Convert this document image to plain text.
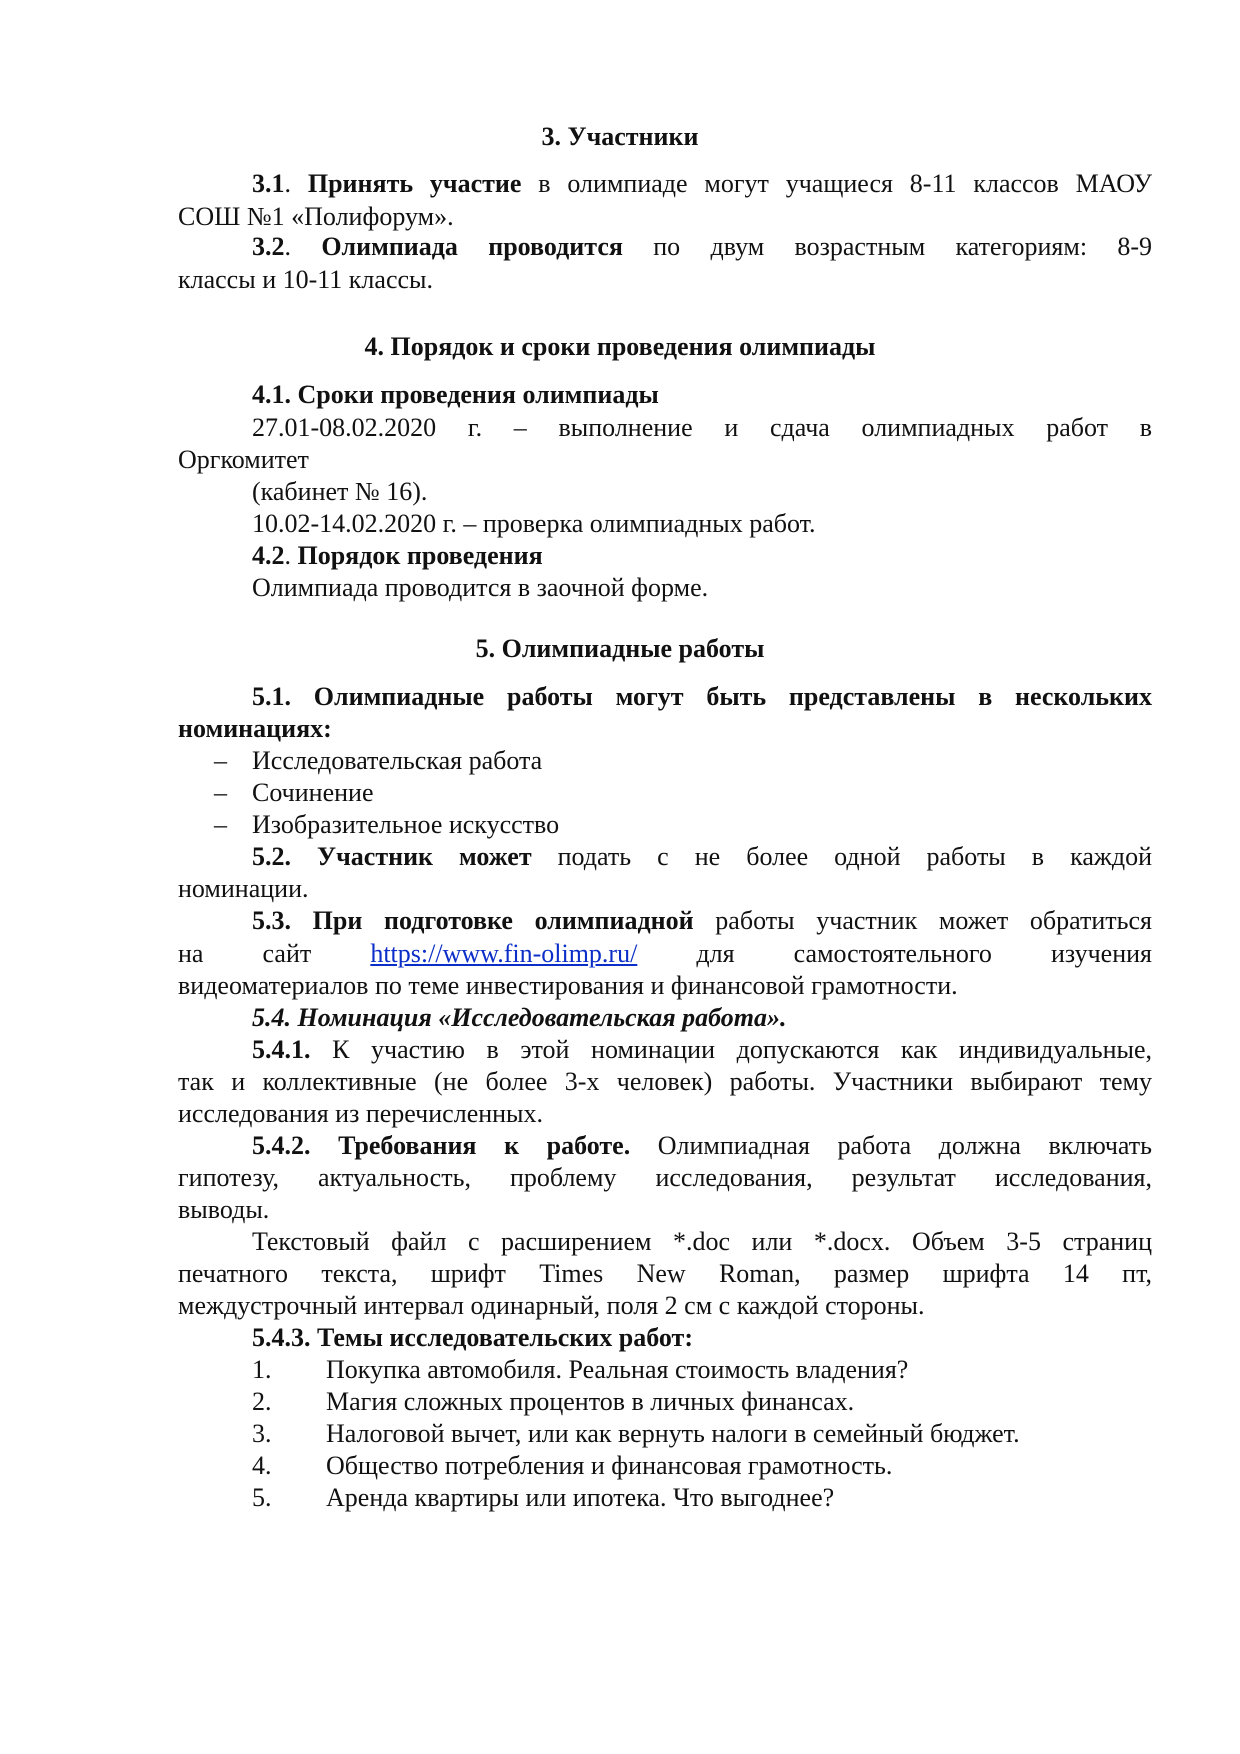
3. Участники
3.1. Принять участие в олимпиаде могут учащиеся 8-11 классов МАОУ
СОШ №1 «Полифорум».
3.2. Олимпиада проводится по двум возрастным категориям: 8-9
классы и 10-11 классы.
4. Порядок и сроки проведения олимпиады
4.1. Сроки проведения олимпиады
27.01-08.02.2020 г. – выполнение и сдача олимпиадных работ в
Оргкомитет
(кабинет № 16).
10.02-14.02.2020 г. – проверка олимпиадных работ.
4.2. Порядок проведения
Олимпиада проводится в заочной форме.
5. Олимпиадные работы
5.1. Олимпиадные работы могут быть представлены в нескольких
номинациях:
– Исследовательская работа
– Сочинение
– Изобразительное искусство
5.2. Участник может подать с не более одной работы в каждой
номинации.
5.3. При подготовке олимпиадной работы участник может обратиться
на сайт https://www.fin-olimp.ru/ для самостоятельного изучения
видеоматериалов по теме инвестирования и финансовой грамотности.
5.4. Номинация «Исследовательская работа».
5.4.1. К участию в этой номинации допускаются как индивидуальные,
так и коллективные (не более 3-х человек) работы. Участники выбирают тему
исследования из перечисленных.
5.4.2. Требования к работе. Олимпиадная работа должна включать
гипотезу, актуальность, проблему исследования, результат исследования,
выводы.
Текстовый файл с расширением *.doc или *.docx. Объем 3-5 страниц
печатного текста, шрифт Times New Roman, размер шрифта 14 пт,
междустрочный интервал одинарный, поля 2 см с каждой стороны.
5.4.3. Темы исследовательских работ:
1. Покупка автомобиля. Реальная стоимость владения?
2. Магия сложных процентов в личных финансах.
3. Налоговой вычет, или как вернуть налоги в семейный бюджет.
4. Общество потребления и финансовая грамотность.
5. Аренда квартиры или ипотека. Что выгоднее?
